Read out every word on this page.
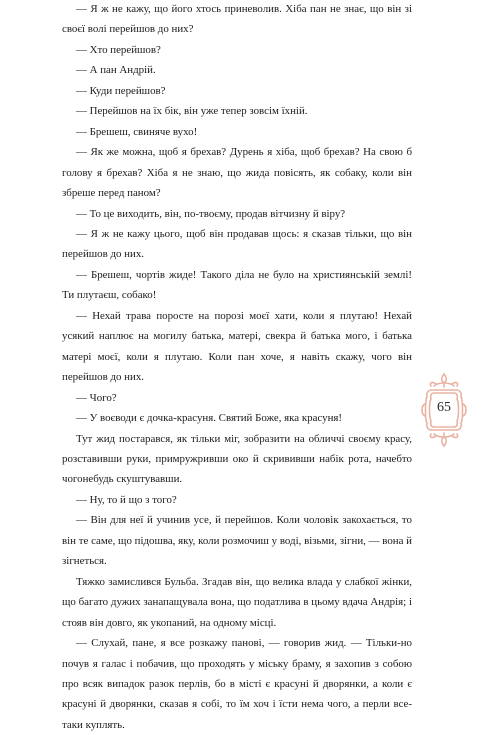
— Я ж не кажу, що його хтось приневолив. Хіба пан не знає, що він зі своєї волі перейшов до них?

— Хто перейшов?

— А пан Андрій.

— Куди перейшов?

— Перейшов на їх бік, він уже тепер зовсім їхній.

— Брешеш, свиняче вухо!

— Як же можна, щоб я брехав? Дурень я хіба, щоб брехав? На свою б голову я брехав? Хіба я не знаю, що жида повісять, як собаку, коли він збреше перед паном?

— То це виходить, він, по-твоєму, продав вітчизну й віру?

— Я ж не кажу цього, щоб він продавав щось: я сказав тільки, що він перейшов до них.

— Брешеш, чортів жиде! Такого діла не було на християнській землі! Ти плутаєш, собако!

— Нехай трава поросте на порозі моєї хати, коли я плутаю! Нехай усякий наплює на могилу батька, матері, свекра й батька мого, і батька матері моєї, коли я плутаю. Коли пан хоче, я навіть скажу, чого він перейшов до них.

— Чого?

— У воєводи є дочка-красуня. Святий Боже, яка красуня!

Тут жид постарався, як тільки міг, зобразити на обличчі своєму красу, розставивши руки, примружривши око й скрививши набік рота, начебто чогонебудь скуштувавши.

— Ну, то й що з того?

— Він для неї й учинив усе, й перейшов. Коли чоловік закохається, то він те саме, що підошва, яку, коли розмочиш у воді, візьми, зігни, — вона й зігнеться.

Тяжко замислився Бульба. Згадав він, що велика влада у слабкої жінки, що багато дужих занапащувала вона, що податлива в цьому вдача Андрія; і стояв він довго, як укопаний, на одному місці.

— Слухай, пане, я все розкажу панові, — говорив жид. — Тільки-но почув я галас і побачив, що проходять у міську браму, я захопив з собою про всяк випадок разок перлів, бо в місті є красуні й дворянки, а коли є красуні й дворянки, сказав я собі, то їм хоч і їсти нема чого, а перли все-таки куплять.

65
